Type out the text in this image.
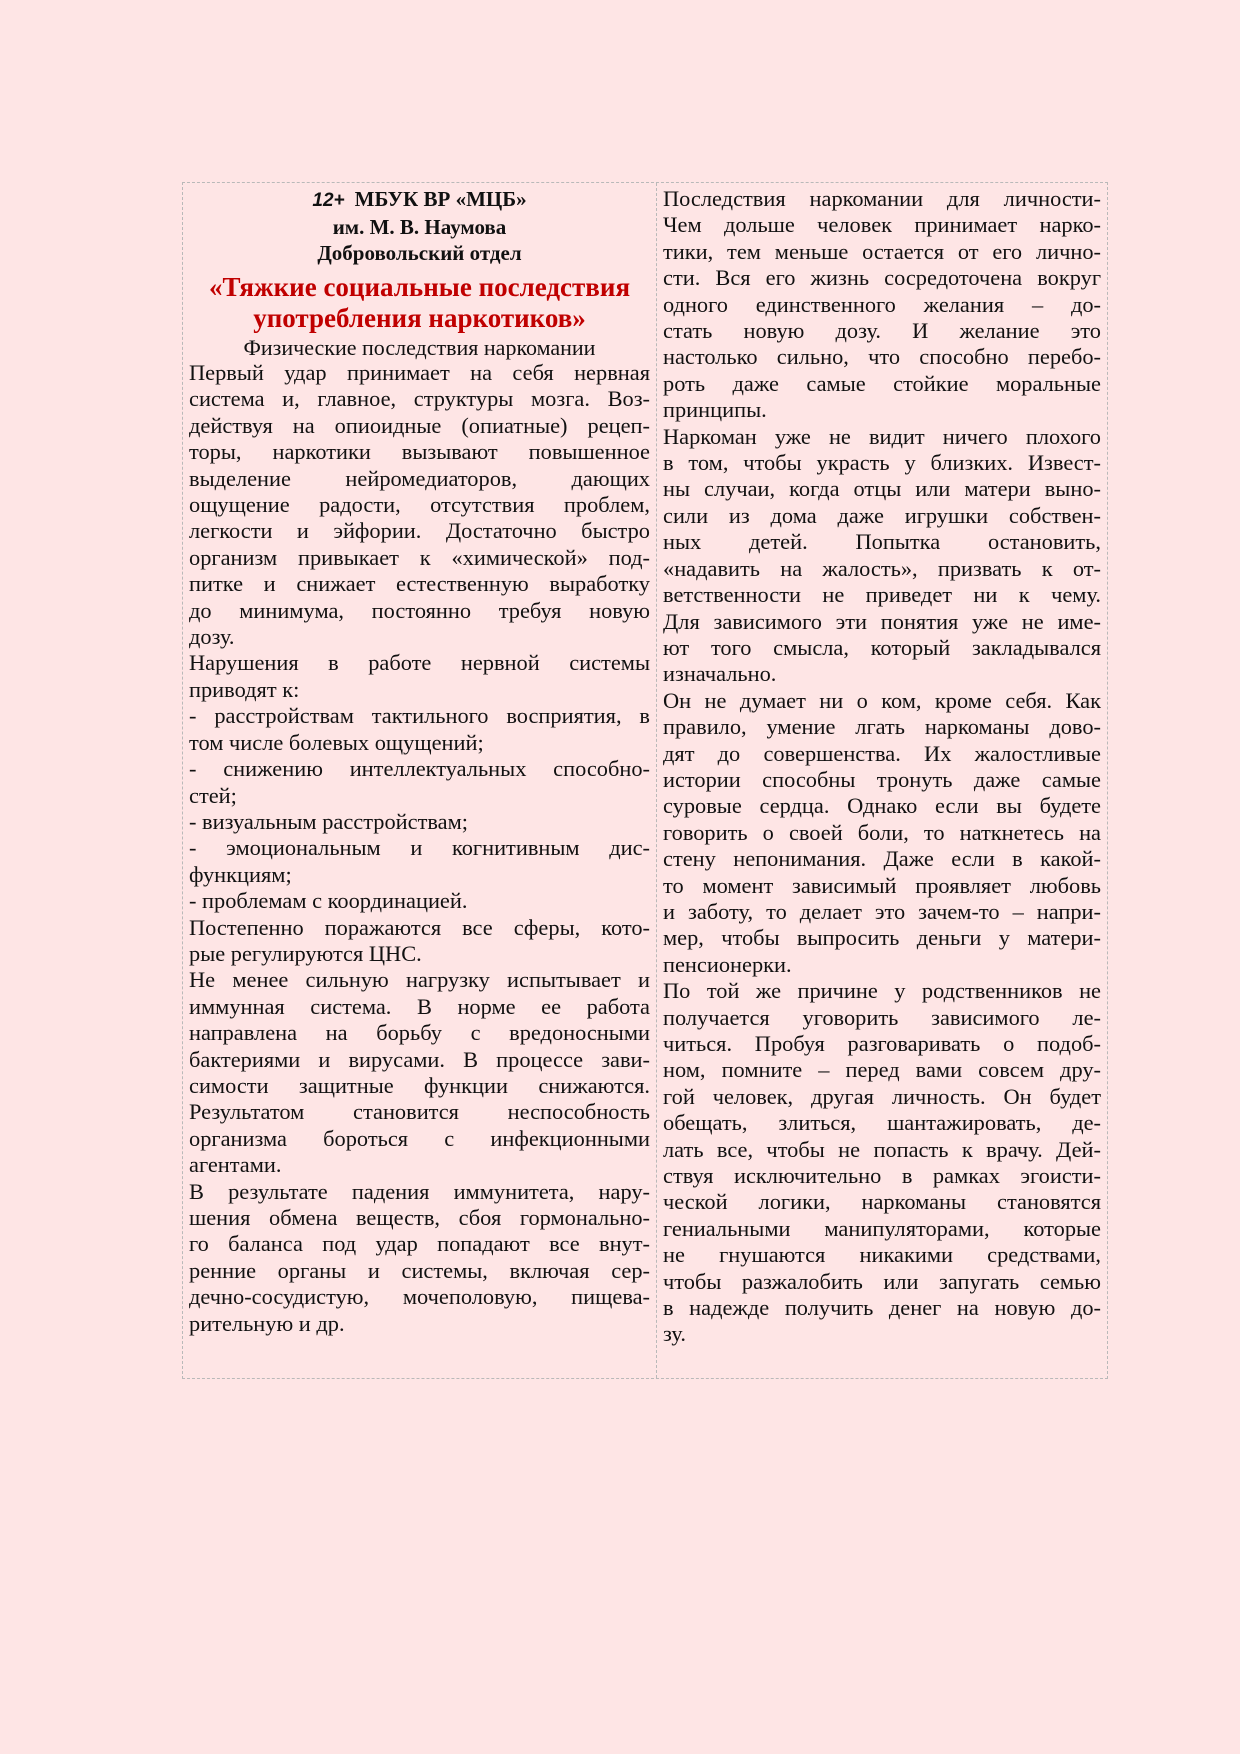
12+ МБУК ВР «МЦБ»
им. М. В. Наумова
Добровольский отдел
«Тяжкие социальные последствия
употребления наркотиков»
Физические последствия наркомании

Первый удар принимает на себя нервная
система и, главное, структуры мозга. Воз-
действуя на опиоидные (опиатные) рецеп-
торы, наркотики вызывают повышенное
выделение нейромедиаторов, дающих
ощущение радости, отсутствия проблем,
легкости и эйфории. Достаточно быстро
организм привыкает к «химической» под-
питке и снижает естественную выработку
до минимума, постоянно требуя новую
дозу.

Нарушения в работе нервной системы
приводят к:

- расстройствам тактильного восприятия, в
том числе болевых ощущений;

- снижению интеллектуальных способно-
стей;

- визуальным расстройствам;

- эмоциональным и когнитивным дис-
функциям;

- проблемам с координацией.

Постепенно поражаются все сферы, кото-
рые регулируются ЦНС.

Не менее сильную нагрузку испытывает и
иммунная система. В норме ее работа
направлена на борьбу с вредоносными
бактериями и вирусами. В процессе зави-
симости защитные функции снижаются.
Результатом становится неспособность
организма бороться с инфекционными
агентами.

В результате падения иммунитета, нару-
шения обмена веществ, сбоя гормонально-
го баланса под удар попадают все внут-
ренние органы и системы, включая сер-
дечно-сосудистую, мочеполовую, пищева-
рительную и др.

Последствия наркомании для личности-
Чем дольше человек принимает нарко-
тики, тем меньше остается от его лично-
сти. Вся его жизнь сосредоточена вокруг
одного единственного желания – до-
стать новую дозу. И желание это
настолько сильно, что способно перебо-
роть даже самые стойкие моральные
принципы.

Наркоман уже не видит ничего плохого
в том, чтобы украсть у близких. Извест-
ны случаи, когда отцы или матери выно-
сили из дома даже игрушки собствен-
ных детей. Попытка остановить,
«надавить на жалость», призвать к от-
ветственности не приведет ни к чему.
Для зависимого эти понятия уже не име-
ют того смысла, который закладывался
изначально.

Он не думает ни о ком, кроме себя. Как
правило, умение лгать наркоманы дово-
дят до совершенства. Их жалостливые
истории способны тронуть даже самые
суровые сердца. Однако если вы будете
говорить о своей боли, то наткнетесь на
стену непонимания. Даже если в какой-
то момент зависимый проявляет любовь
и заботу, то делает это зачем-то – напри-
мер, чтобы выпросить деньги у матери-
пенсионерки.

По той же причине у родственников не
получается уговорить зависимого ле-
читься. Пробуя разговаривать о подоб-
ном, помните – перед вами совсем дру-
гой человек, другая личность. Он будет
обещать, злиться, шантажировать, де-
лать все, чтобы не попасть к врачу. Дей-
ствуя исключительно в рамках эгоисти-
ческой логики, наркоманы становятся
гениальными манипуляторами, которые
не гнушаются никакими средствами,
чтобы разжалобить или запугать семью
в надежде получить денег на новую до-
зу.
